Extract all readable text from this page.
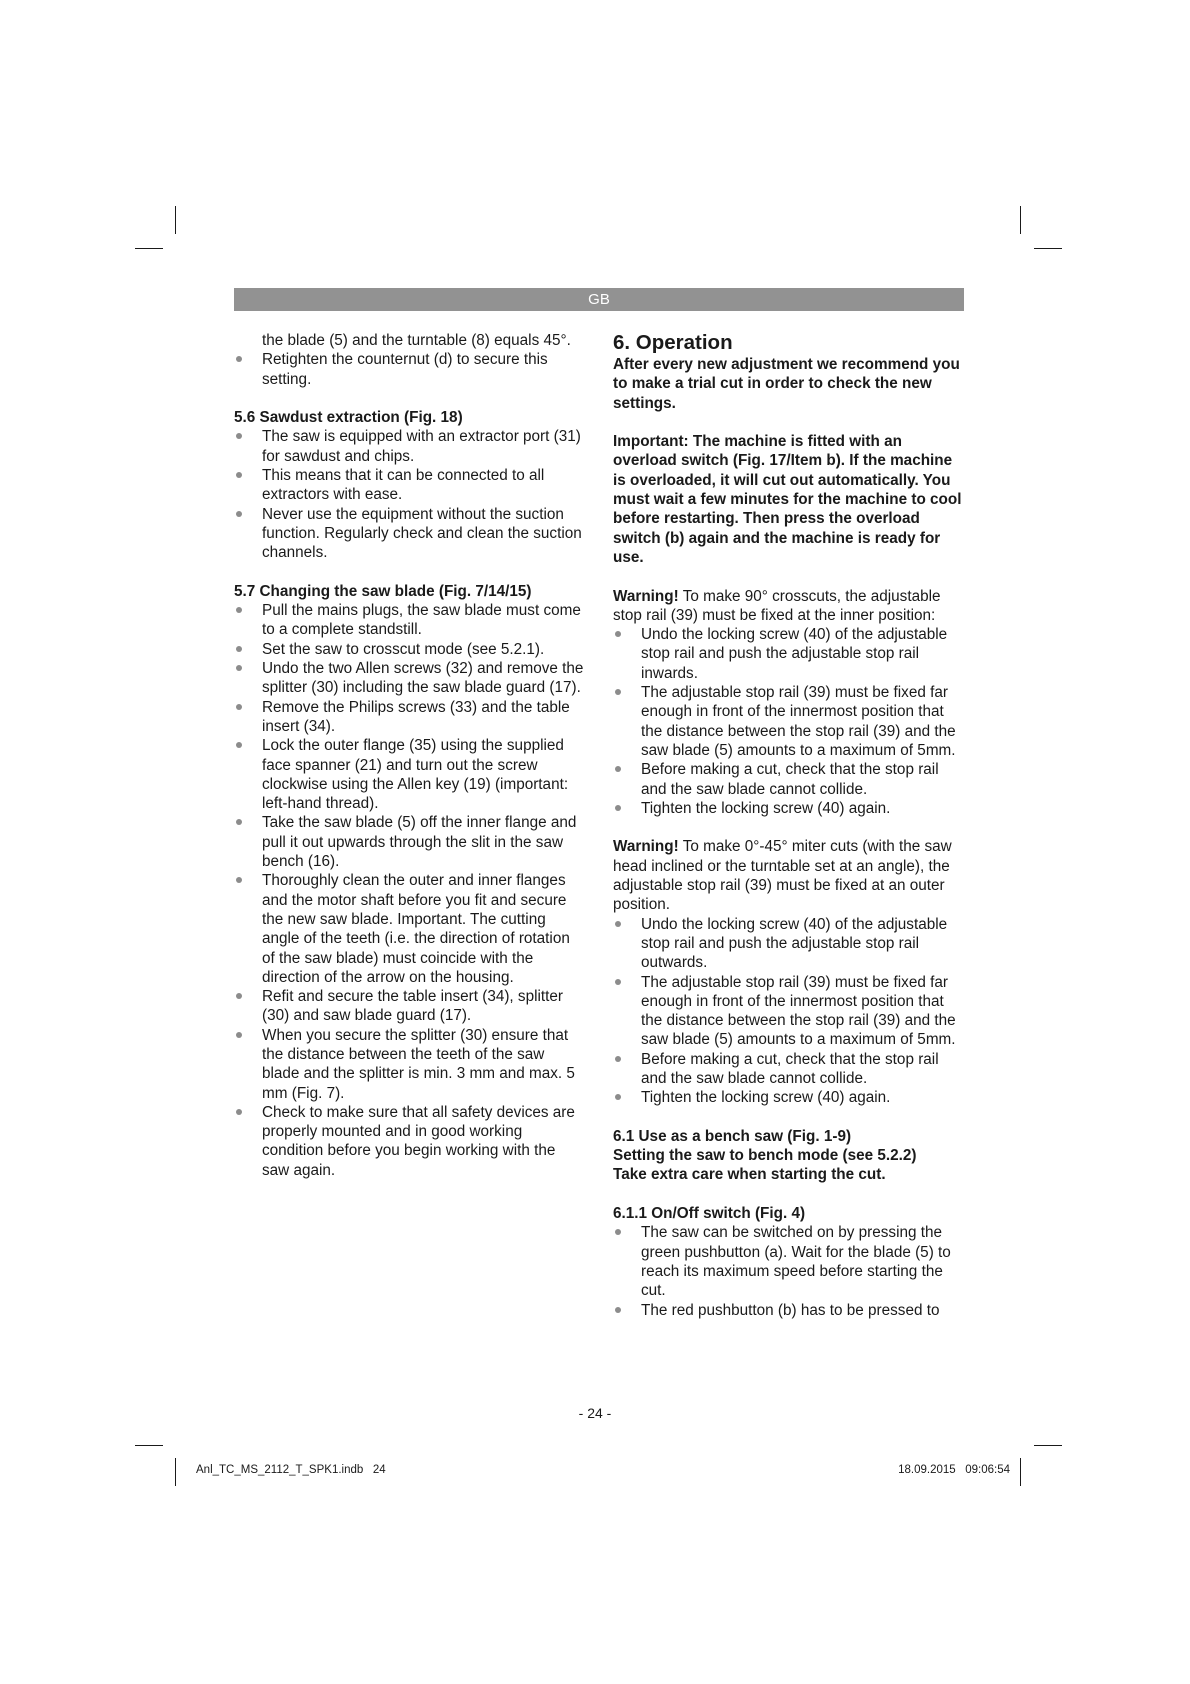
GB

the blade (5) and the turntable (8) equals 45°.

Retighten the counternut (d) to secure this setting.

5.6 Sawdust extraction (Fig. 18)

The saw is equipped with an extractor port (31) for sawdust and chips.
This means that it can be connected to all extractors with ease.
Never use the equipment without the suction function. Regularly check and clean the suction channels.

5.7 Changing the saw blade (Fig. 7/14/15)

Pull the mains plugs, the saw blade must come to a complete standstill.
Set the saw to crosscut mode (see 5.2.1).
Undo the two Allen screws (32) and remove the splitter (30) including the saw blade guard (17).
Remove the Philips screws (33) and the table insert (34).
Lock the outer flange (35) using the supplied face spanner (21) and turn out the screw clockwise using the Allen key (19) (important: left-hand thread).
Take the saw blade (5) off the inner flange and pull it out upwards through the slit in the saw bench (16).
Thoroughly clean the outer and inner flanges and the motor shaft before you fit and secure the new saw blade. Important. The cutting angle of the teeth (i.e. the direction of rotation of the saw blade) must coincide with the direction of the arrow on the housing.
Refit and secure the table insert (34), splitter (30) and saw blade guard (17).
When you secure the splitter (30) ensure that the distance between the teeth of the saw blade and the splitter is min. 3 mm and max. 5 mm (Fig. 7).
Check to make sure that all safety devices are properly mounted and in good working condition before you begin working with the saw again.

6. Operation

After every new adjustment we recommend you to make a trial cut in order to check the new settings.

Important: The machine is fitted with an overload switch (Fig. 17/Item b). If the machine is overloaded, it will cut out automatically. You must wait a few minutes for the machine to cool before restarting. Then press the overload switch (b) again and the machine is ready for use.

Warning! To make 90° crosscuts, the adjustable stop rail (39) must be fixed at the inner position:

Undo the locking screw (40) of the adjustable stop rail and push the adjustable stop rail inwards.
The adjustable stop rail (39) must be fixed far enough in front of the innermost position that the distance between the stop rail (39) and the saw blade (5) amounts to a maximum of 5mm.
Before making a cut, check that the stop rail and the saw blade cannot collide.
Tighten the locking screw (40) again.

Warning! To make 0°-45° miter cuts (with the saw head inclined or the turntable set at an angle), the adjustable stop rail (39) must be fixed at an outer position.

Undo the locking screw (40) of the adjustable stop rail and push the adjustable stop rail outwards.
The adjustable stop rail (39) must be fixed far enough in front of the innermost position that the distance between the stop rail (39) and the saw blade (5) amounts to a maximum of 5mm.
Before making a cut, check that the stop rail and the saw blade cannot collide.
Tighten the locking screw (40) again.

6.1 Use as a bench saw (Fig. 1-9)

Setting the saw to bench mode (see 5.2.2)

Take extra care when starting the cut.

6.1.1 On/Off switch (Fig. 4)

The saw can be switched on by pressing the green pushbutton (a). Wait for the blade (5) to reach its maximum speed before starting the cut.
The red pushbutton (b) has to be pressed to
- 24 -
Anl_TC_MS_2112_T_SPK1.indb   24	18.09.2015   09:06:54
